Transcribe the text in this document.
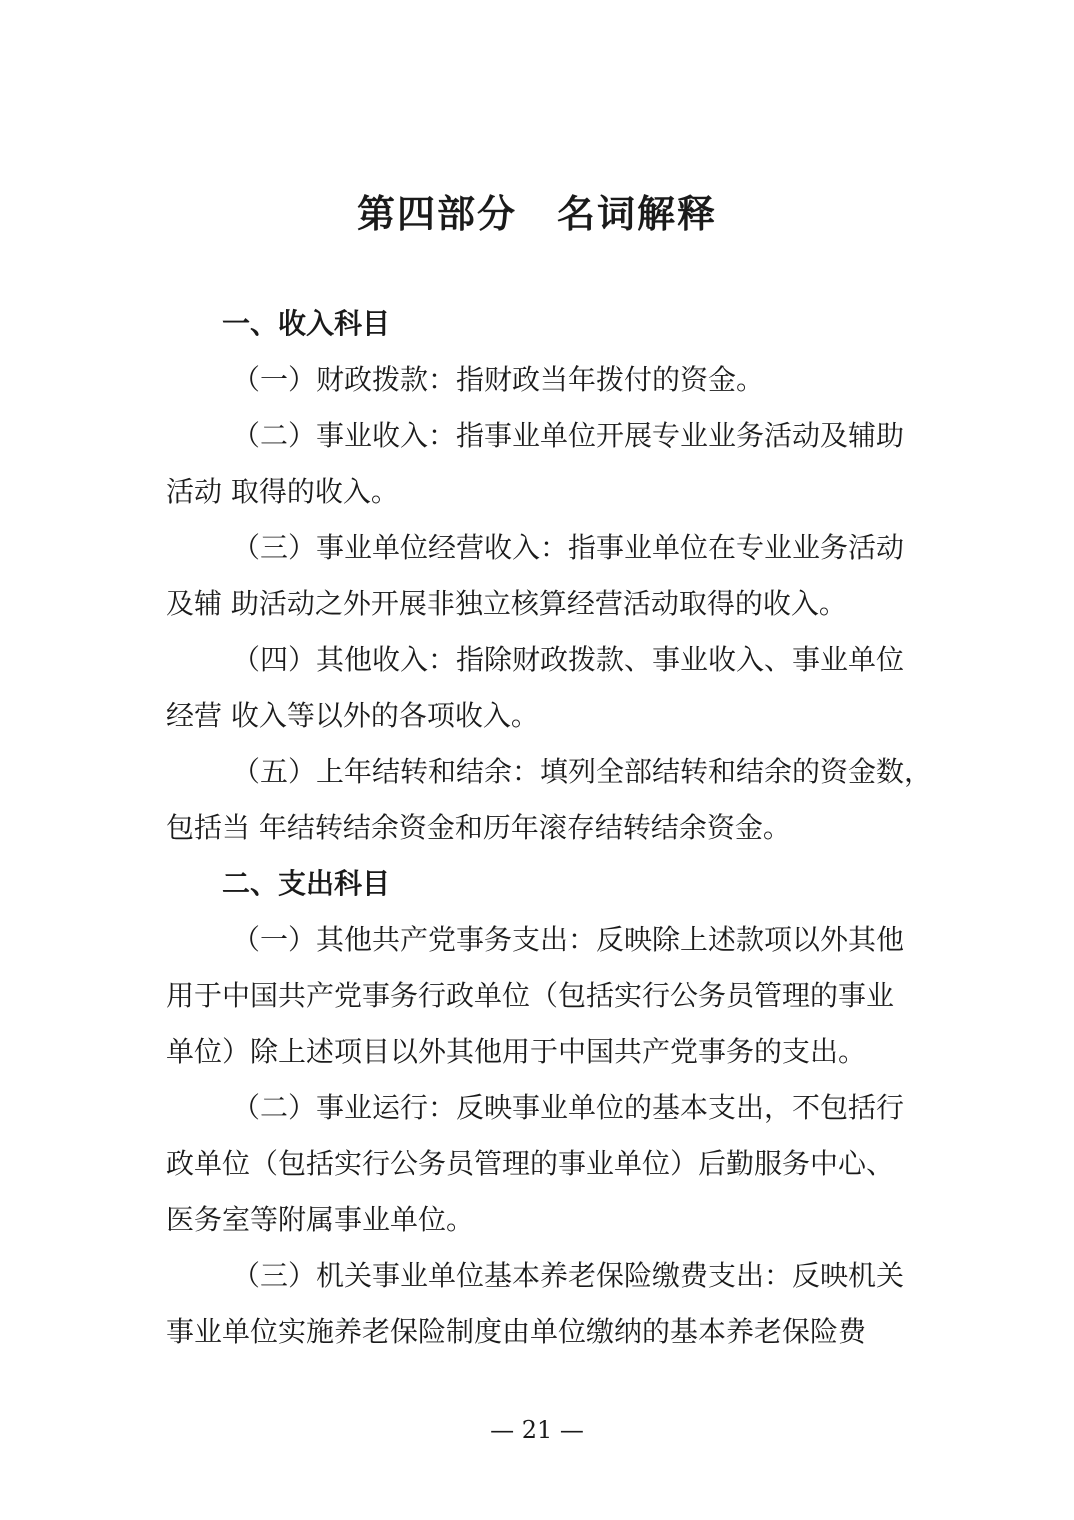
第四部分　名词解释
一、收入科目
（一）财政拨款：指财政当年拨付的资金。
（二）事业收入：指事业单位开展专业业务活动及辅助
活动 取得的收入。
（三）事业单位经营收入：指事业单位在专业业务活动
及辅 助活动之外开展非独立核算经营活动取得的收入。
（四）其他收入：指除财政拨款、事业收入、事业单位
经营 收入等以外的各项收入。
（五）上年结转和结余：填列全部结转和结余的资金数，
包括当 年结转结余资金和历年滚存结转结余资金。
二、支出科目
（一）其他共产党事务支出：反映除上述款项以外其他
用于中国共产党事务行政单位（包括实行公务员管理的事业
单位）除上述项目以外其他用于中国共产党事务的支出。
（二）事业运行：反映事业单位的基本支出，不包括行
政单位（包括实行公务员管理的事业单位）后勤服务中心、
医务室等附属事业单位。
（三）机关事业单位基本养老保险缴费支出：反映机关
事业单位实施养老保险制度由单位缴纳的基本养老保险费
— 21 —
